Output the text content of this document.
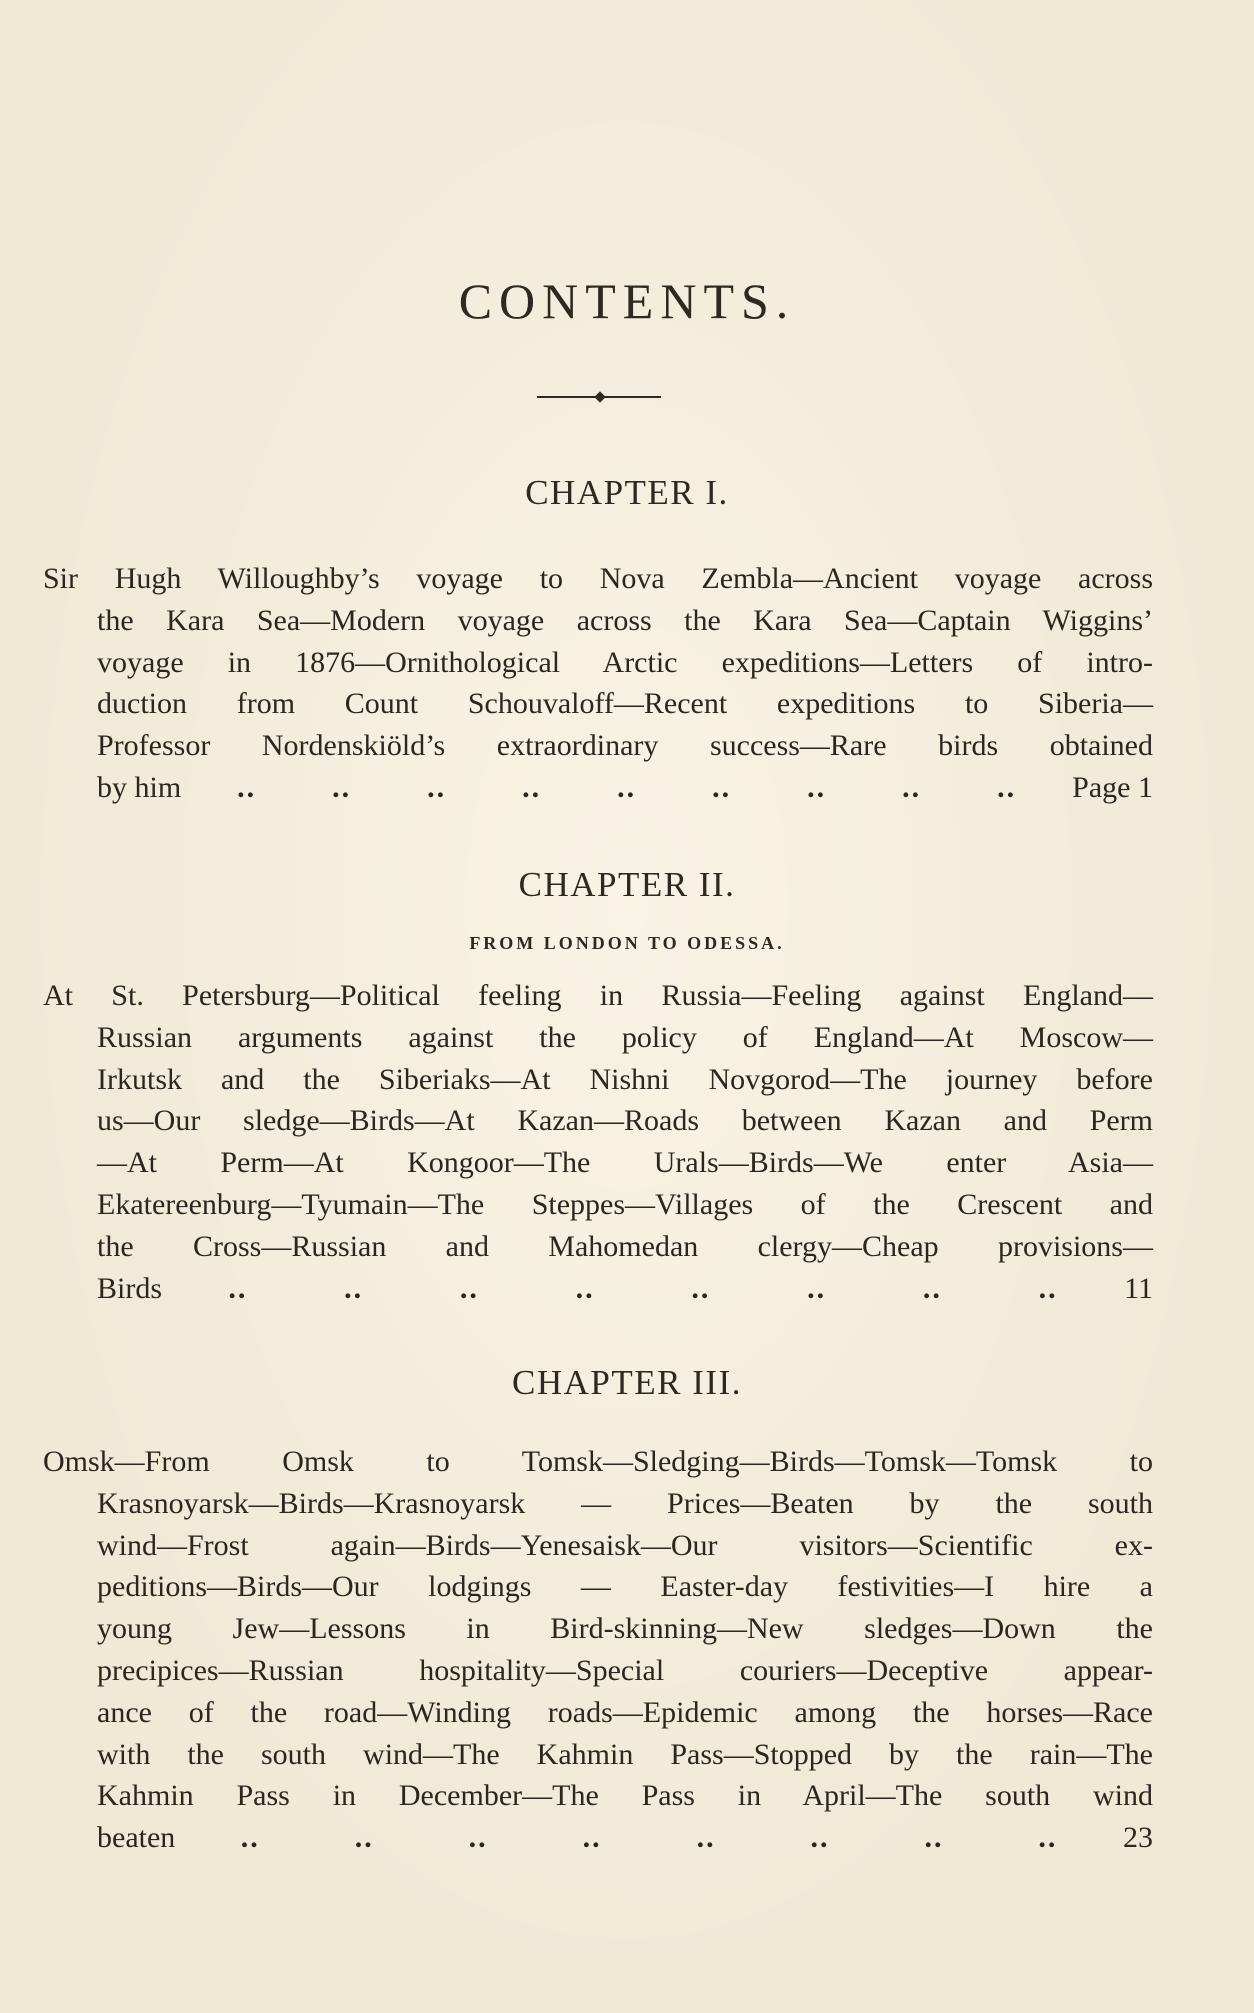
CONTENTS.
CHAPTER I.
Sir Hugh Willoughby’s voyage to Nova Zembla—Ancient voyage across
the Kara Sea—Modern voyage across the Kara Sea—Captain Wiggins’
voyage in 1876—Ornithological Arctic expeditions—Letters of intro-
duction from Count Schouvaloff—Recent expeditions to Siberia—
Professor Nordenskiöld’s extraordinary success—Rare birds obtained
by him ..	..	..	..	..	..	..	..	.. Page 1
CHAPTER II.
FROM LONDON TO ODESSA.
At St. Petersburg—Political feeling in Russia—Feeling against England—
Russian arguments against the policy of England—At Moscow—
Irkutsk and the Siberiaks—At Nishni Novgorod—The journey before
us—Our sledge—Birds—At Kazan—Roads between Kazan and Perm
—At Perm—At Kongoor—The Urals—Birds—We enter Asia—
Ekatereenburg—Tyumain—The Steppes—Villages of the Crescent and
the Cross—Russian and Mahomedan clergy—Cheap provisions—
Birds ..	..	..	..	..	..	..	.. 11
CHAPTER III.
Omsk—From Omsk to Tomsk—Sledging—Birds—Tomsk—Tomsk to
Krasnoyarsk—Birds—Krasnoyarsk — Prices—Beaten by the south
wind—Frost again—Birds—Yenesaisk—Our visitors—Scientific ex-
peditions—Birds—Our lodgings — Easter-day festivities—I hire a
young Jew—Lessons in Bird-skinning—New sledges—Down the
precipices—Russian hospitality—Special couriers—Deceptive appear-
ance of the road—Winding roads—Epidemic among the horses—Race
with the south wind—The Kahmin Pass—Stopped by the rain—The
Kahmin Pass in December—The Pass in April—The south wind
beaten ..	..	..	..	..	..	..	.. 23
